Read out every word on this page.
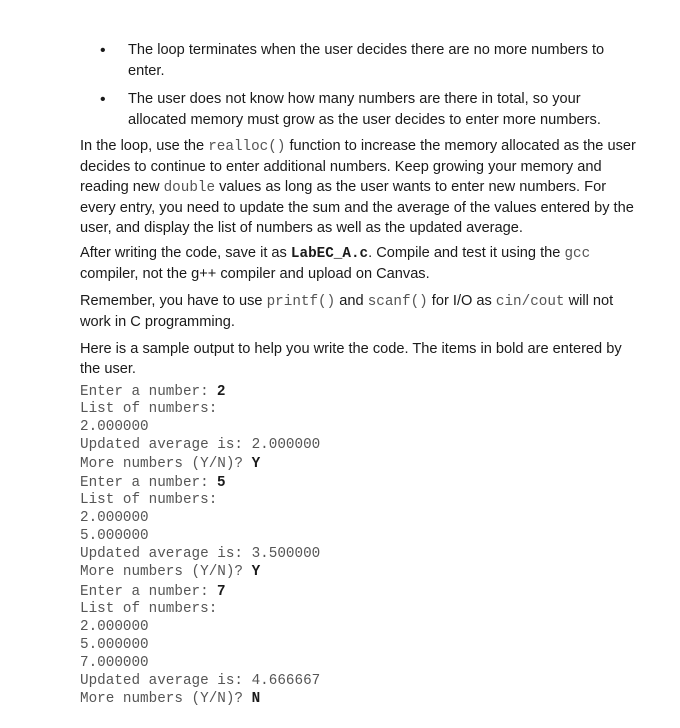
• The loop terminates when the user decides there are no more numbers to enter.
• The user does not know how many numbers are there in total, so your allocated memory must grow as the user decides to enter more numbers.
In the loop, use the realloc() function to increase the memory allocated as the user decides to continue to enter additional numbers. Keep growing your memory and reading new double values as long as the user wants to enter new numbers. For every entry, you need to update the sum and the average of the values entered by the user, and display the list of numbers as well as the updated average.
After writing the code, save it as LabEC_A.c. Compile and test it using the gcc compiler, not the g++ compiler and upload on Canvas.
Remember, you have to use printf() and scanf() for I/O as cin/cout will not work in C programming.
Here is a sample output to help you write the code. The items in bold are entered by the user.
Enter a number: 2
List of numbers:
2.000000
Updated average is: 2.000000
More numbers (Y/N)? Y
Enter a number: 5
List of numbers:
2.000000
5.000000
Updated average is: 3.500000
More numbers (Y/N)? Y
Enter a number: 7
List of numbers:
2.000000
5.000000
7.000000
Updated average is: 4.666667
More numbers (Y/N)? N
